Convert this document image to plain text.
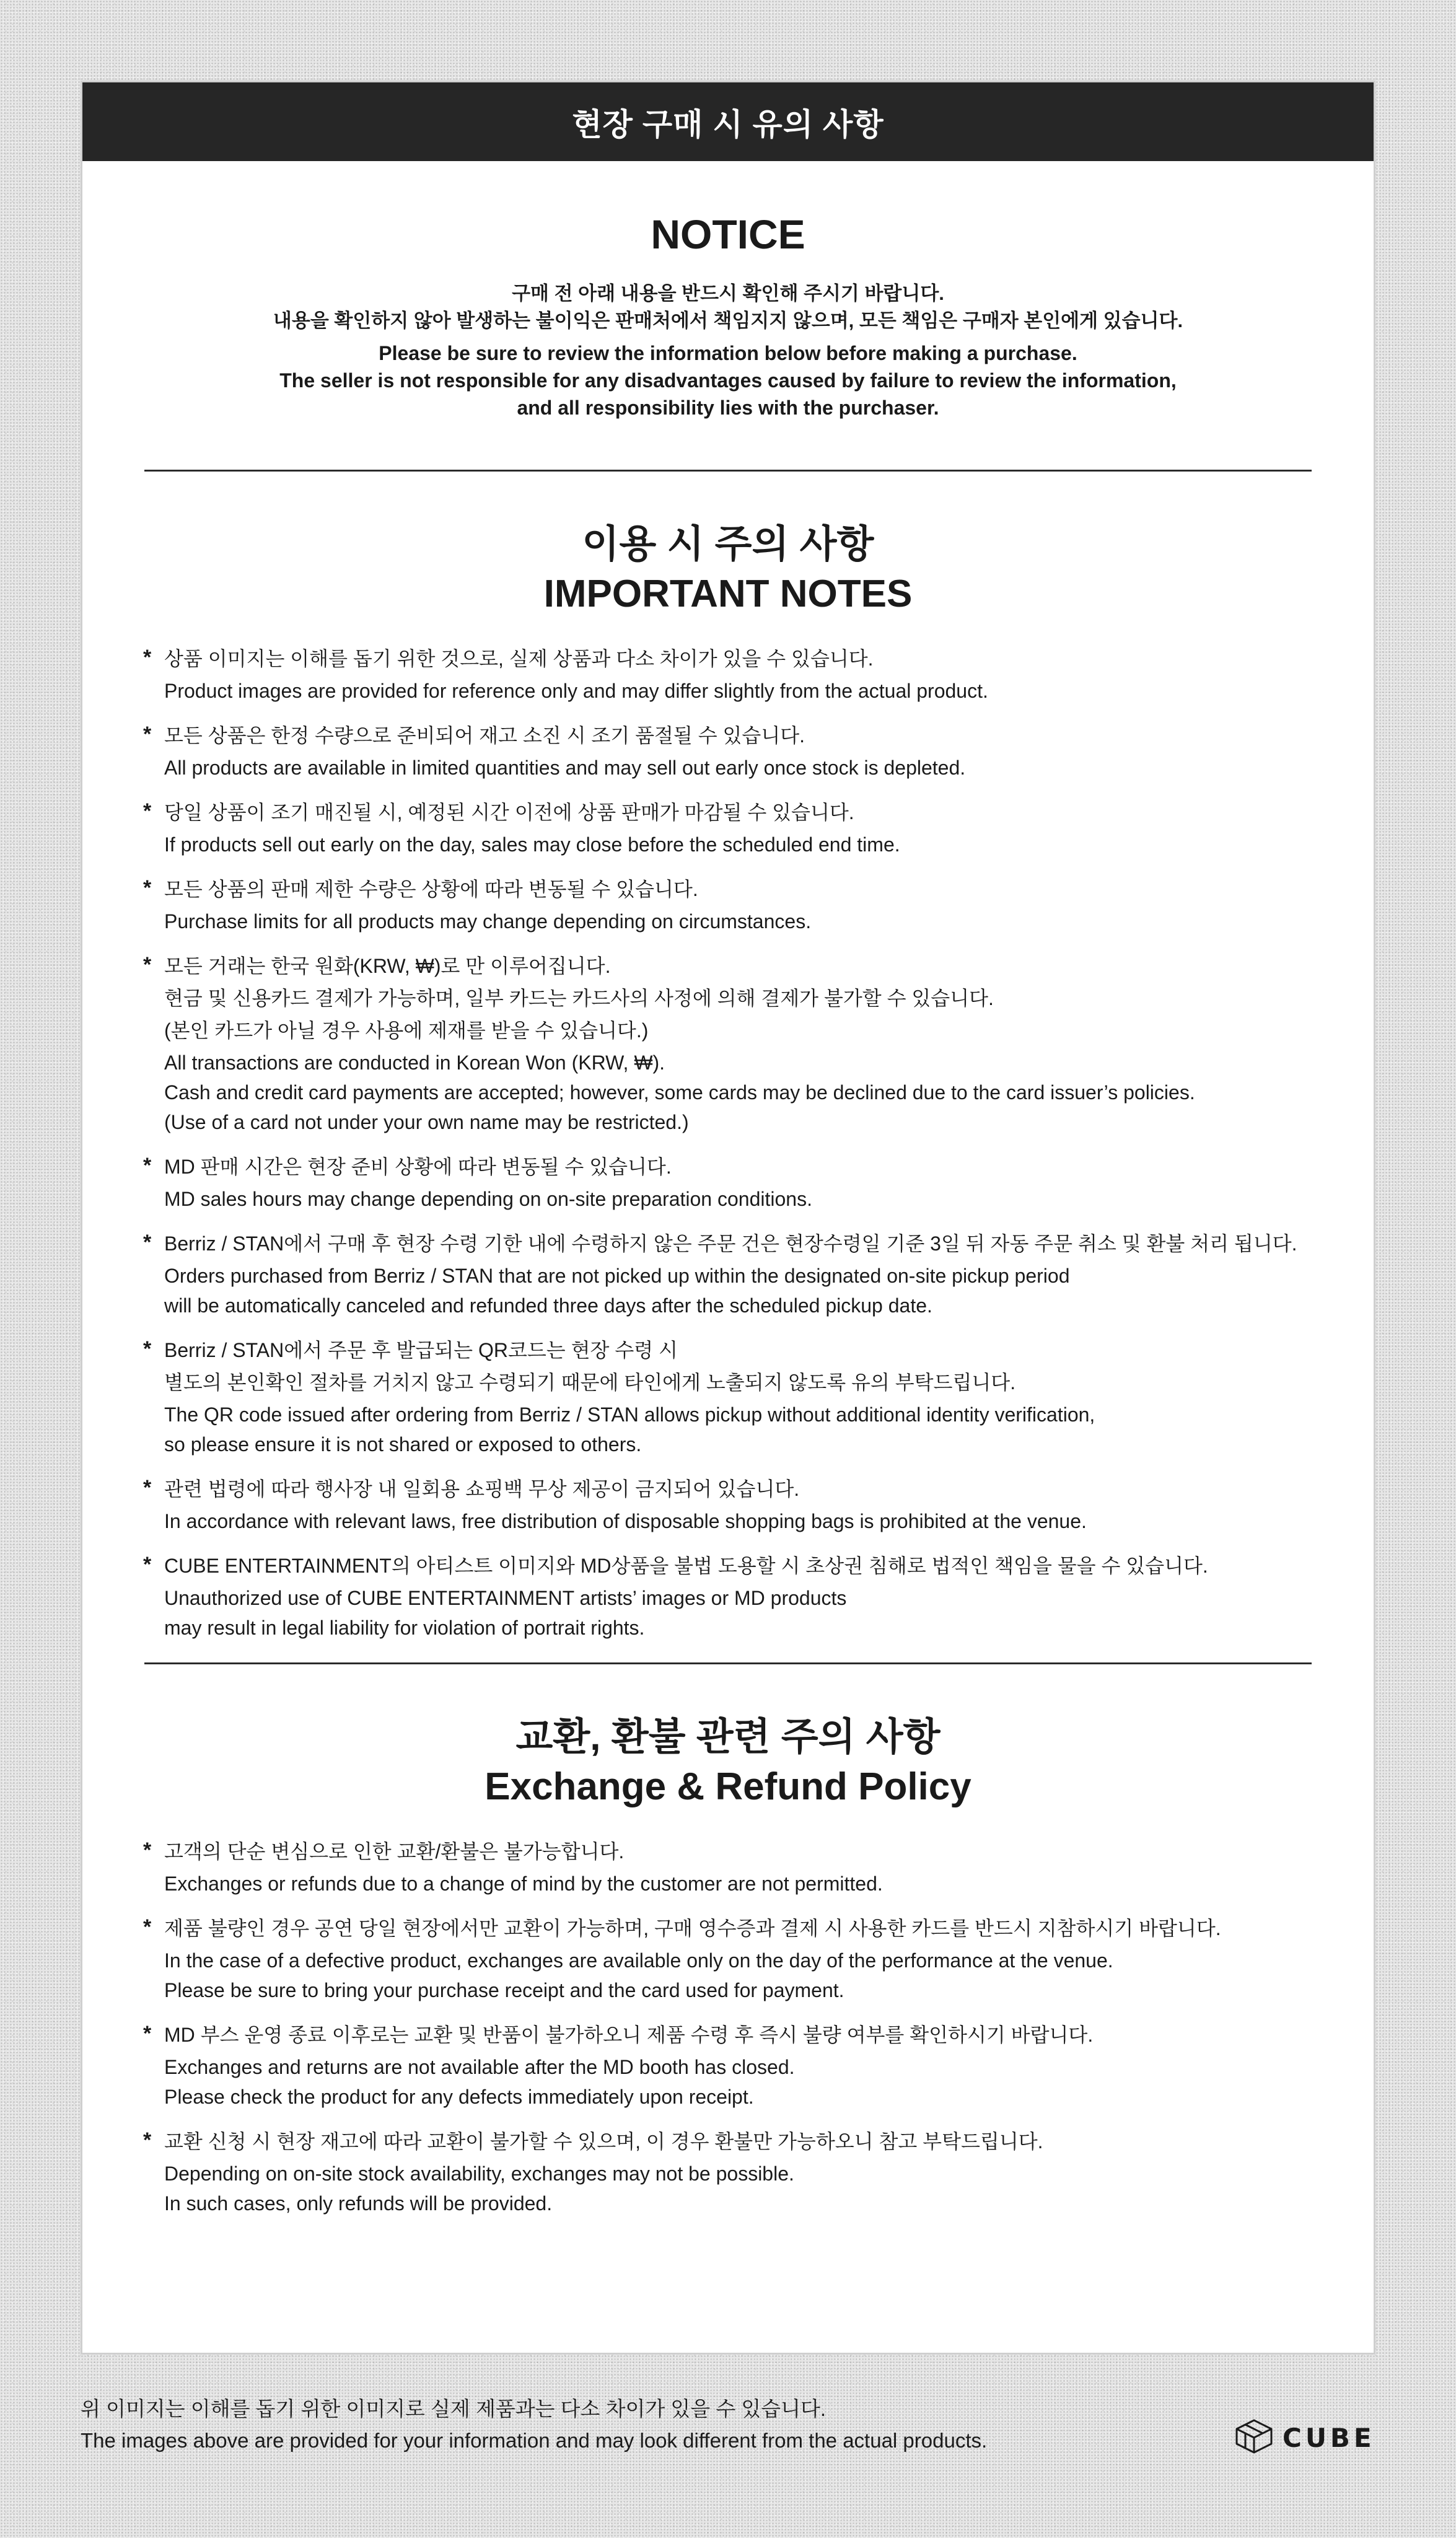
현장 구매 시 유의 사항
NOTICE

구매 전 아래 내용을 반드시 확인해 주시기 바랍니다.

내용을 확인하지 않아 발생하는 불이익은 판매처에서 책임지지 않으며, 모든 책임은 구매자 본인에게 있습니다.

Please be sure to review the information below before making a purchase.

The seller is not responsible for any disadvantages caused by failure to review the information,

and all responsibility lies with the purchaser.

이용 시 주의 사항
IMPORTANT NOTES
* 상품 이미지는 이해를 돕기 위한 것으로, 실제 상품과 다소 차이가 있을 수 있습니다.
Product images are provided for reference only and may differ slightly from the actual product.
* 모든 상품은 한정 수량으로 준비되어 재고 소진 시 조기 품절될 수 있습니다.
All products are available in limited quantities and may sell out early once stock is depleted.
* 당일 상품이 조기 매진될 시, 예정된 시간 이전에 상품 판매가 마감될 수 있습니다.
If products sell out early on the day, sales may close before the scheduled end time.
* 모든 상품의 판매 제한 수량은 상황에 따라 변동될 수 있습니다.
Purchase limits for all products may change depending on circumstances.
* 모든 거래는 한국 원화(KRW, ₩)로 만 이루어집니다.
현금 및 신용카드 결제가 가능하며, 일부 카드는 카드사의 사정에 의해 결제가 불가할 수 있습니다.
(본인 카드가 아닐 경우 사용에 제재를 받을 수 있습니다.)
All transactions are conducted in Korean Won (KRW, ₩).
Cash and credit card payments are accepted; however, some cards may be declined due to the card issuer’s policies.
(Use of a card not under your own name may be restricted.)
* MD 판매 시간은 현장 준비 상황에 따라 변동될 수 있습니다.
MD sales hours may change depending on on-site preparation conditions.
* Berriz / STAN에서 구매 후 현장 수령 기한 내에 수령하지 않은 주문 건은 현장수령일 기준 3일 뒤 자동 주문 취소 및 환불 처리 됩니다.
Orders purchased from Berriz / STAN that are not picked up within the designated on-site pickup period
will be automatically canceled and refunded three days after the scheduled pickup date.
* Berriz / STAN에서 주문 후 발급되는 QR코드는 현장 수령 시
별도의 본인확인 절차를 거치지 않고 수령되기 때문에 타인에게 노출되지 않도록 유의 부탁드립니다.
The QR code issued after ordering from Berriz / STAN allows pickup without additional identity verification,
so please ensure it is not shared or exposed to others.
* 관련 법령에 따라 행사장 내 일회용 쇼핑백 무상 제공이 금지되어 있습니다.
In accordance with relevant laws, free distribution of disposable shopping bags is prohibited at the venue.
* CUBE ENTERTAINMENT의 아티스트 이미지와 MD상품을 불법 도용할 시 초상권 침해로 법적인 책임을 물을 수 있습니다.
Unauthorized use of CUBE ENTERTAINMENT artists’ images or MD products
may result in legal liability for violation of portrait rights.
교환, 환불 관련 주의 사항
Exchange & Refund Policy
* 고객의 단순 변심으로 인한 교환/환불은 불가능합니다.
Exchanges or refunds due to a change of mind by the customer are not permitted.
* 제품 불량인 경우 공연 당일 현장에서만 교환이 가능하며, 구매 영수증과 결제 시 사용한 카드를 반드시 지참하시기 바랍니다.
In the case of a defective product, exchanges are available only on the day of the performance at the venue.
Please be sure to bring your purchase receipt and the card used for payment.
* MD 부스 운영 종료 이후로는 교환 및 반품이 불가하오니 제품 수령 후 즉시 불량 여부를 확인하시기 바랍니다.
Exchanges and returns are not available after the MD booth has closed.
Please check the product for any defects immediately upon receipt.
* 교환 신청 시 현장 재고에 따라 교환이 불가할 수 있으며, 이 경우 환불만 가능하오니 참고 부탁드립니다.
Depending on on-site stock availability, exchanges may not be possible.
In such cases, only refunds will be provided.
위 이미지는 이해를 돕기 위한 이미지로 실제 제품과는 다소 차이가 있을 수 있습니다.
The images above are provided for your information and may look different from the actual products.	CUBE
